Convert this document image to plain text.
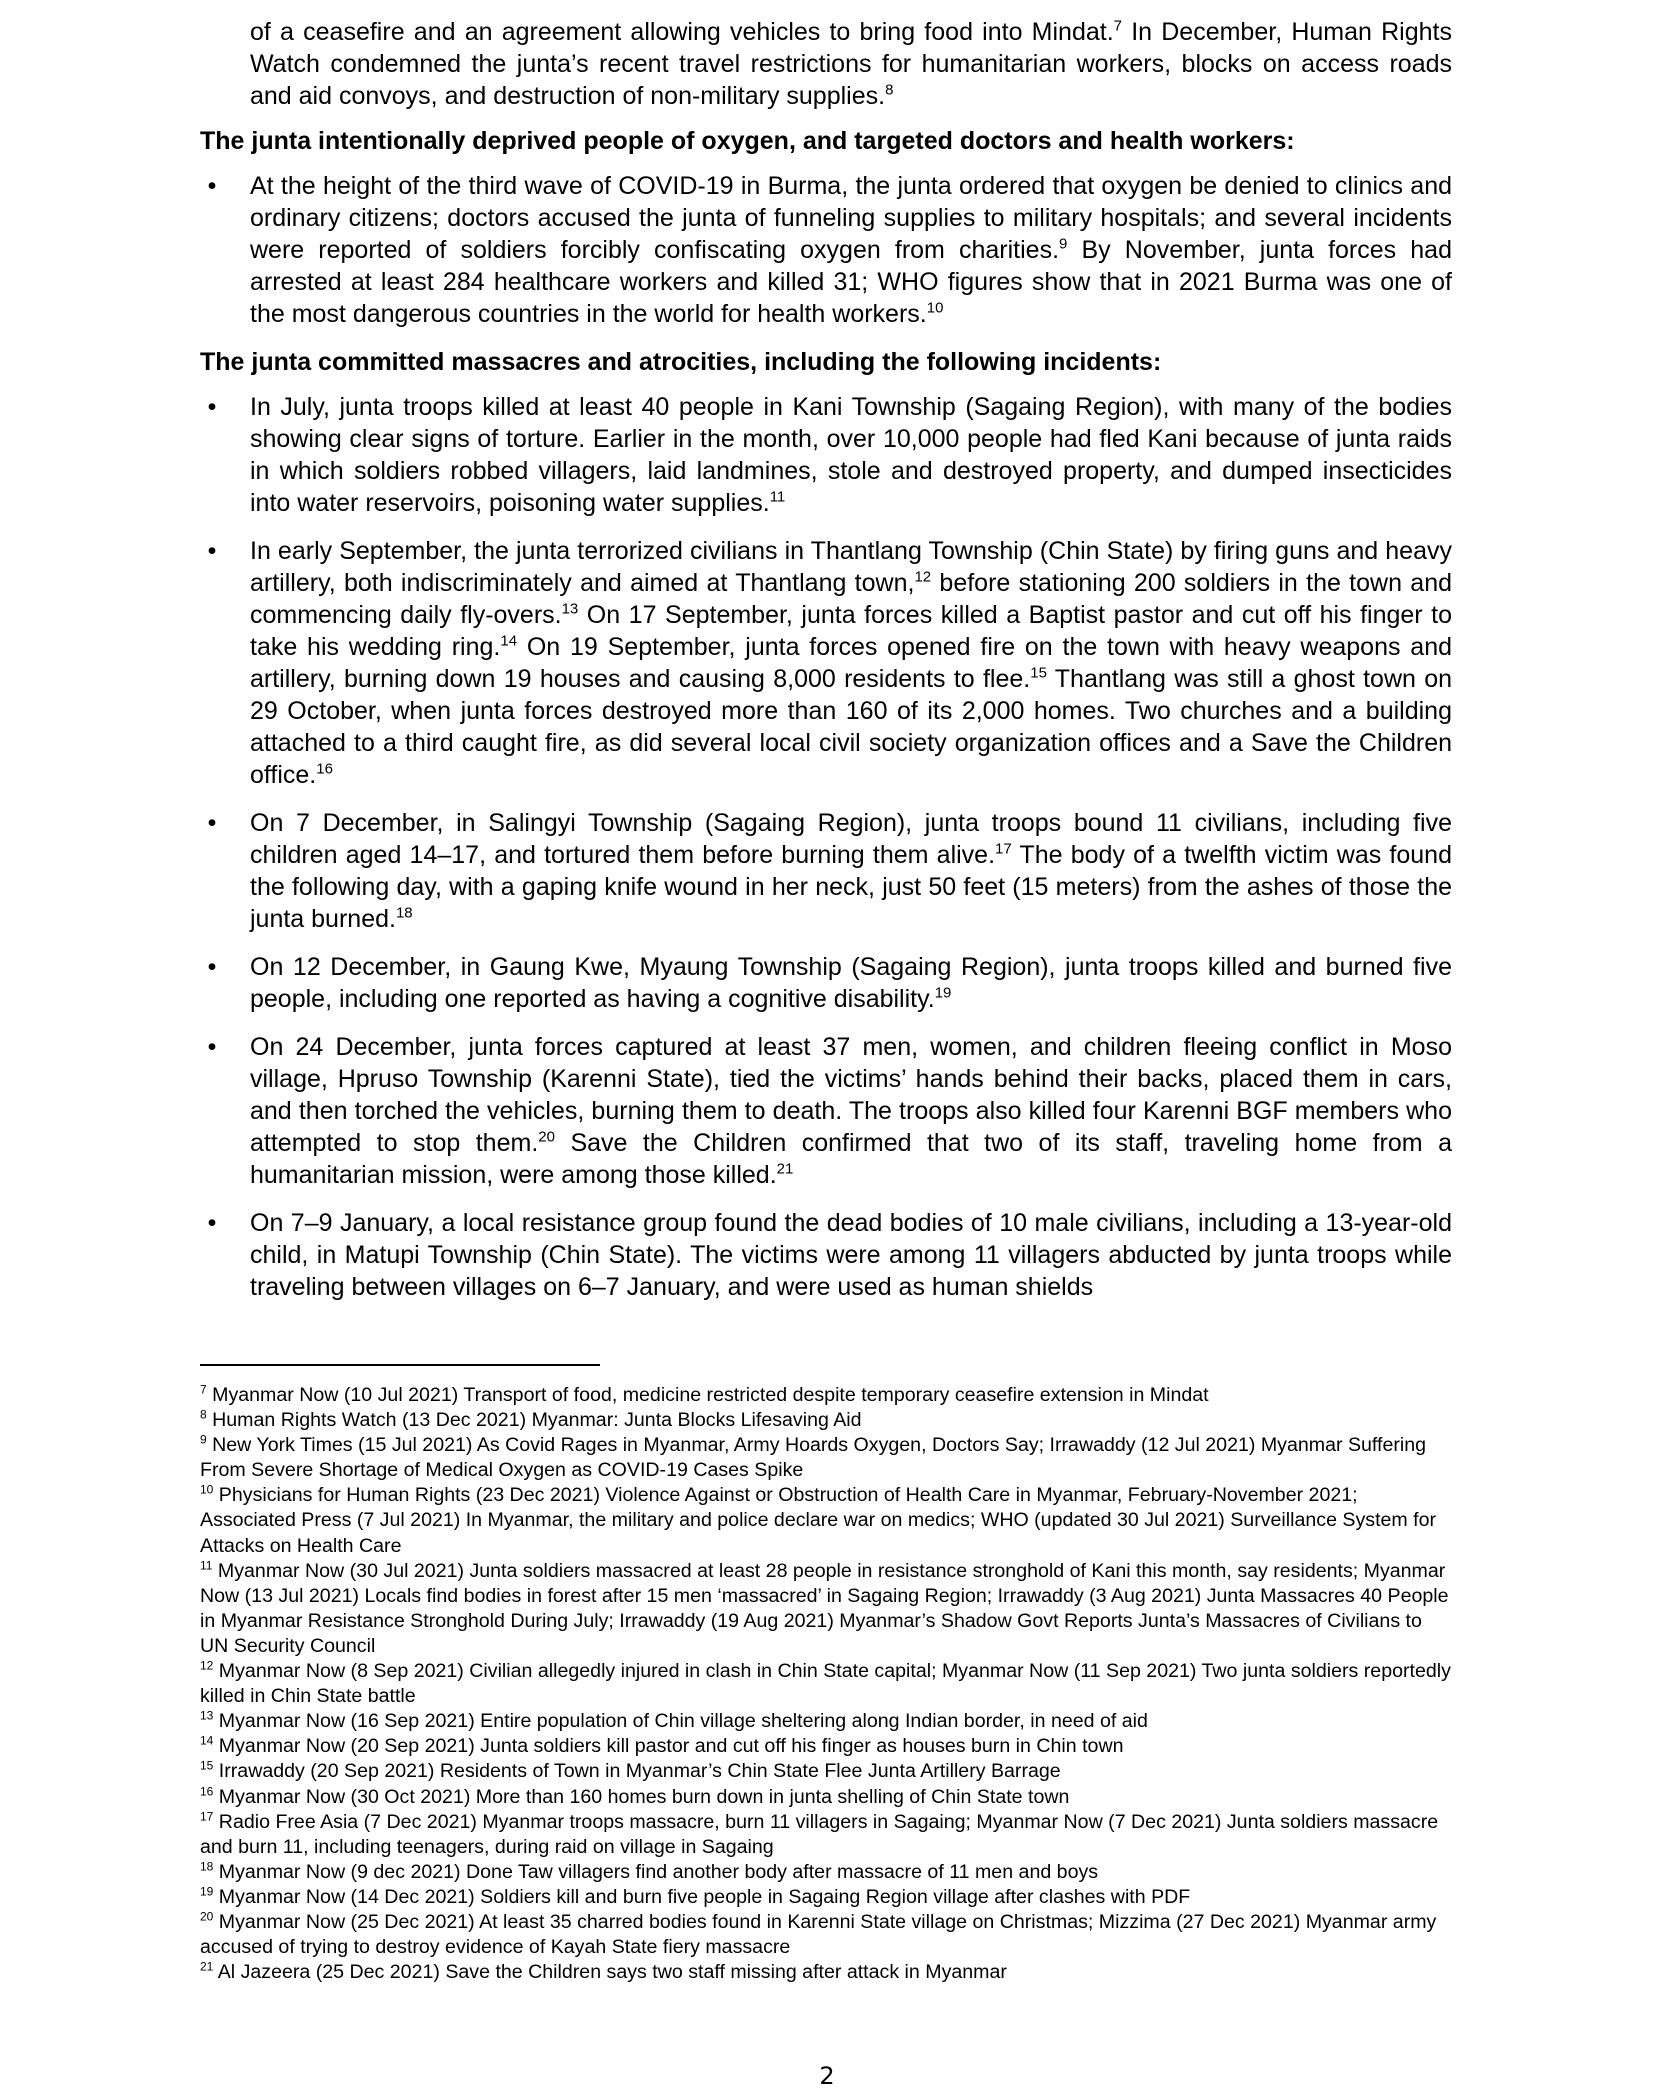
of a ceasefire and an agreement allowing vehicles to bring food into Mindat.$^7$ In December, Human Rights Watch condemned the junta’s recent travel restrictions for humanitarian workers, blocks on access roads and aid convoys, and destruction of non-military supplies.$^8$

The junta intentionally deprived people of oxygen, and targeted doctors and health workers:

•	At the height of the third wave of COVID-19 in Burma, the junta ordered that oxygen be denied to clinics and ordinary citizens; doctors accused the junta of funneling supplies to military hospitals; and several incidents were reported of soldiers forcibly confiscating oxygen from charities.$^9$ By November, junta forces had arrested at least 284 healthcare workers and killed 31; WHO figures show that in 2021 Burma was one of the most dangerous countries in the world for health workers.$^{10}$

The junta committed massacres and atrocities, including the following incidents:

•	In July, junta troops killed at least 40 people in Kani Township (Sagaing Region), with many of the bodies showing clear signs of torture. Earlier in the month, over 10,000 people had fled Kani because of junta raids in which soldiers robbed villagers, laid landmines, stole and destroyed property, and dumped insecticides into water reservoirs, poisoning water supplies.$^{11}$

•	In early September, the junta terrorized civilians in Thantlang Township (Chin State) by firing guns and heavy artillery, both indiscriminately and aimed at Thantlang town,$^{12}$ before stationing 200 soldiers in the town and commencing daily fly-overs.$^{13}$ On 17 September, junta forces killed a Baptist pastor and cut off his finger to take his wedding ring.$^{14}$ On 19 September, junta forces opened fire on the town with heavy weapons and artillery, burning down 19 houses and causing 8,000 residents to flee.$^{15}$ Thantlang was still a ghost town on 29 October, when junta forces destroyed more than 160 of its 2,000 homes. Two churches and a building attached to a third caught fire, as did several local civil society organization offices and a Save the Children office.$^{16}$

•	On 7 December, in Salingyi Township (Sagaing Region), junta troops bound 11 civilians, including five children aged 14–17, and tortured them before burning them alive.$^{17}$ The body of a twelfth victim was found the following day, with a gaping knife wound in her neck, just 50 feet (15 meters) from the ashes of those the junta burned.$^{18}$

•	On 12 December, in Gaung Kwe, Myaung Township (Sagaing Region), junta troops killed and burned five people, including one reported as having a cognitive disability.$^{19}$

•	On 24 December, junta forces captured at least 37 men, women, and children fleeing conflict in Moso village, Hpruso Township (Karenni State), tied the victims’ hands behind their backs, placed them in cars, and then torched the vehicles, burning them to death. The troops also killed four Karenni BGF members who attempted to stop them.$^{20}$ Save the Children confirmed that two of its staff, traveling home from a humanitarian mission, were among those killed.$^{21}$

•	On 7–9 January, a local resistance group found the dead bodies of 10 male civilians, including a 13-year-old child, in Matupi Township (Chin State). The victims were among 11 villagers abducted by junta troops while traveling between villages on 6–7 January, and were used as human shields

$^7$ Myanmar Now (10 Jul 2021) Transport of food, medicine restricted despite temporary ceasefire extension in Mindat

$^8$ Human Rights Watch (13 Dec 2021) Myanmar: Junta Blocks Lifesaving Aid

$^9$ New York Times (15 Jul 2021) As Covid Rages in Myanmar, Army Hoards Oxygen, Doctors Say; Irrawaddy (12 Jul 2021) Myanmar Suffering From Severe Shortage of Medical Oxygen as COVID-19 Cases Spike

$^{10}$ Physicians for Human Rights (23 Dec 2021) Violence Against or Obstruction of Health Care in Myanmar, February-November 2021; Associated Press (7 Jul 2021) In Myanmar, the military and police declare war on medics; WHO (updated 30 Jul 2021) Surveillance System for Attacks on Health Care

$^{11}$ Myanmar Now (30 Jul 2021) Junta soldiers massacred at least 28 people in resistance stronghold of Kani this month, say residents; Myanmar Now (13 Jul 2021) Locals find bodies in forest after 15 men ‘massacred’ in Sagaing Region; Irrawaddy (3 Aug 2021) Junta Massacres 40 People in Myanmar Resistance Stronghold During July; Irrawaddy (19 Aug 2021) Myanmar’s Shadow Govt Reports Junta’s Massacres of Civilians to UN Security Council

$^{12}$ Myanmar Now (8 Sep 2021) Civilian allegedly injured in clash in Chin State capital; Myanmar Now (11 Sep 2021) Two junta soldiers reportedly killed in Chin State battle

$^{13}$ Myanmar Now (16 Sep 2021) Entire population of Chin village sheltering along Indian border, in need of aid

$^{14}$ Myanmar Now (20 Sep 2021) Junta soldiers kill pastor and cut off his finger as houses burn in Chin town

$^{15}$ Irrawaddy (20 Sep 2021) Residents of Town in Myanmar’s Chin State Flee Junta Artillery Barrage

$^{16}$ Myanmar Now (30 Oct 2021) More than 160 homes burn down in junta shelling of Chin State town

$^{17}$ Radio Free Asia (7 Dec 2021) Myanmar troops massacre, burn 11 villagers in Sagaing; Myanmar Now (7 Dec 2021) Junta soldiers massacre and burn 11, including teenagers, during raid on village in Sagaing

$^{18}$ Myanmar Now (9 dec 2021) Done Taw villagers find another body after massacre of 11 men and boys

$^{19}$ Myanmar Now (14 Dec 2021) Soldiers kill and burn five people in Sagaing Region village after clashes with PDF

$^{20}$ Myanmar Now (25 Dec 2021) At least 35 charred bodies found in Karenni State village on Christmas; Mizzima (27 Dec 2021) Myanmar army accused of trying to destroy evidence of Kayah State fiery massacre

$^{21}$ Al Jazeera (25 Dec 2021) Save the Children says two staff missing after attack in Myanmar

2
